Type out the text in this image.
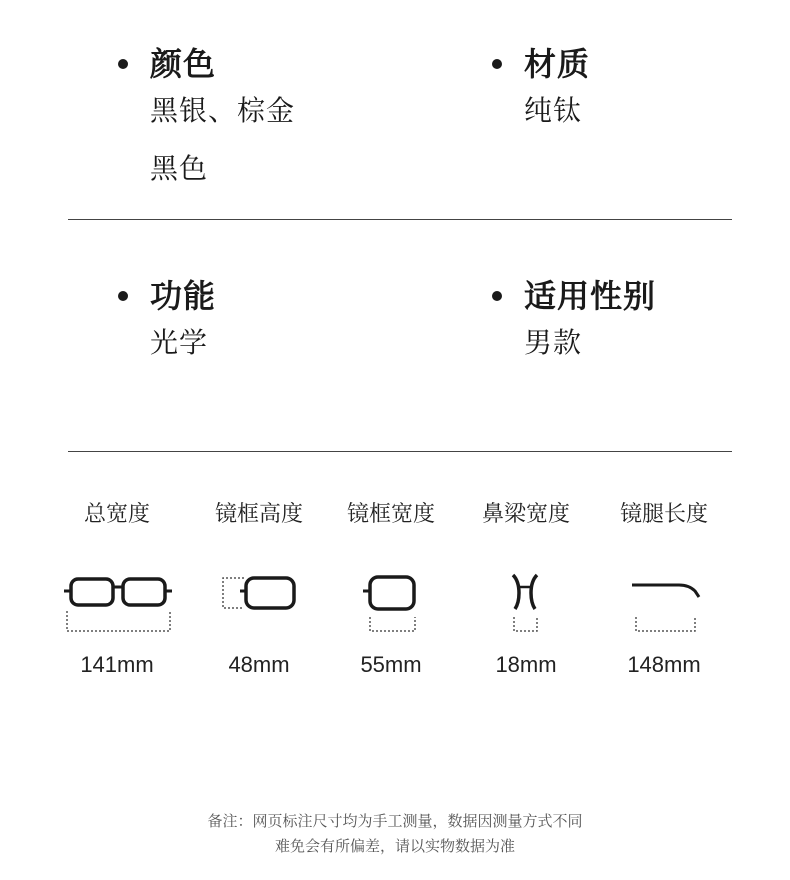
颜色
黑银、棕金
黑色
材质
纯钛
功能
光学
适用性别
男款
总宽度
141mm
镜框高度
48mm
镜框宽度
55mm
鼻梁宽度
18mm
镜腿长度
148mm
备注：网页标注尺寸均为手工测量，数据因测量方式不同
难免会有所偏差，请以实物数据为准
